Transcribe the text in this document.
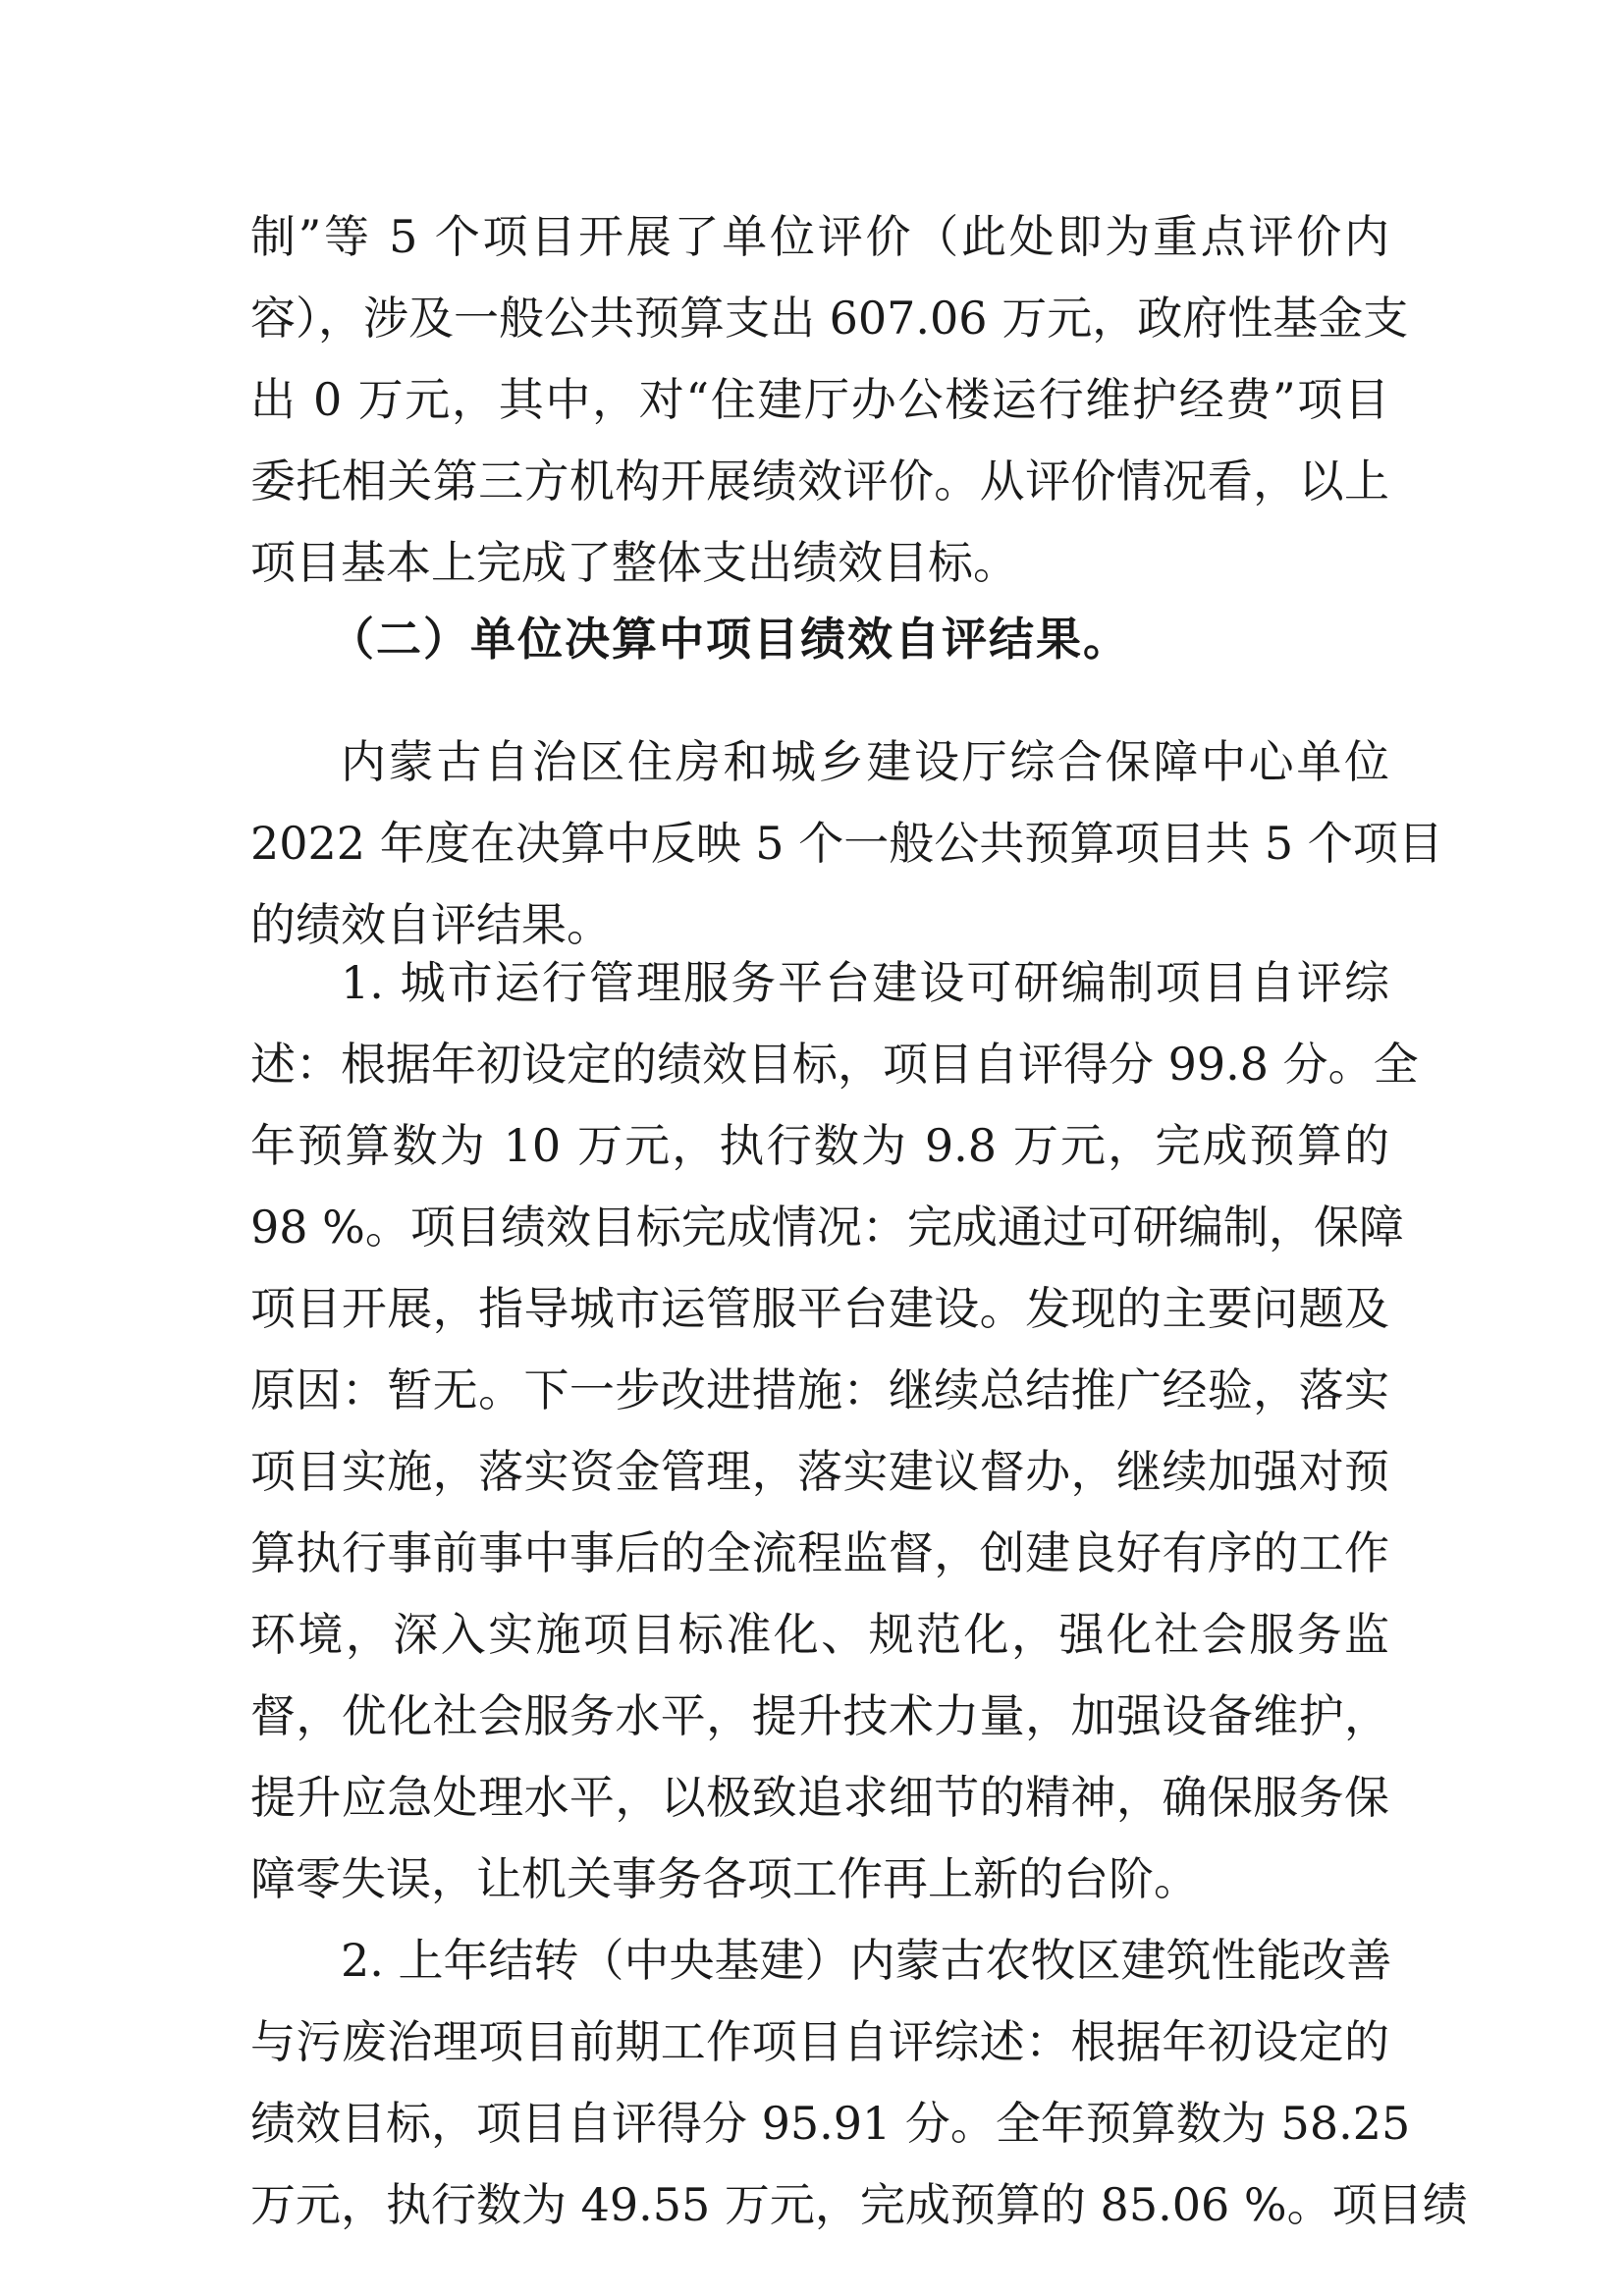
制”等 5 个项目开展了单位评价（此处即为重点评价内
容），涉及一般公共预算支出 607.06 万元，政府性基金支
出 0 万元，其中，对“住建厅办公楼运行维护经费”项目
委托相关第三方机构开展绩效评价。从评价情况看，以上
项目基本上完成了整体支出绩效目标。
（二）单位决算中项目绩效自评结果。
内蒙古自治区住房和城乡建设厅综合保障中心单位
2022 年度在决算中反映 5 个一般公共预算项目共 5 个项目
的绩效自评结果。
1. 城市运行管理服务平台建设可研编制项目自评综
述：根据年初设定的绩效目标，项目自评得分 99.8 分。全
年预算数为 10 万元，执行数为 9.8 万元，完成预算的
98 %。项目绩效目标完成情况：完成通过可研编制，保障
项目开展，指导城市运管服平台建设。发现的主要问题及
原因：暂无。下一步改进措施：继续总结推广经验，落实
项目实施，落实资金管理，落实建议督办，继续加强对预
算执行事前事中事后的全流程监督，创建良好有序的工作
环境，深入实施项目标准化、规范化，强化社会服务监
督，优化社会服务水平，提升技术力量，加强设备维护，
提升应急处理水平，以极致追求细节的精神，确保服务保
障零失误，让机关事务各项工作再上新的台阶。
2. 上年结转（中央基建）内蒙古农牧区建筑性能改善
与污废治理项目前期工作项目自评综述：根据年初设定的
绩效目标，项目自评得分 95.91 分。全年预算数为 58.25
万元，执行数为 49.55 万元，完成预算的 85.06 %。项目绩
